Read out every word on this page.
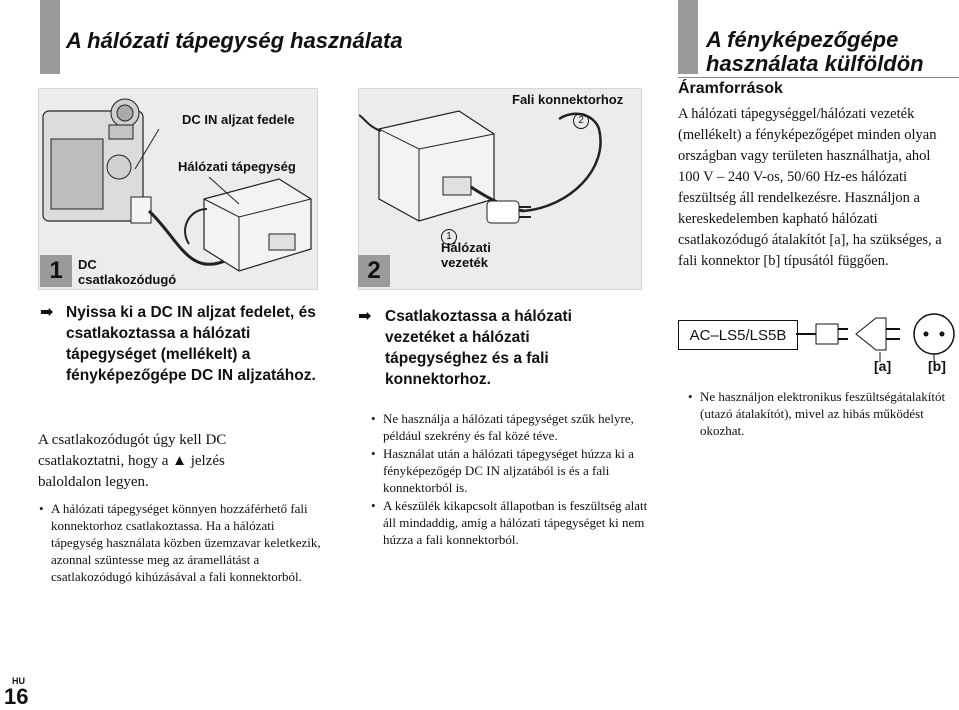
A hálózati tápegység használata
DC IN aljzat fedele
Hálózati tápegység
DC csatlakozódugó
1
➡ Nyissa ki a DC IN aljzat fedelet, és csatlakoztassa a hálózati tápegységet (mellékelt) a fényképezőgépe DC IN aljzatához.
A csatlakozódugót úgy kell DC csatlakoztatni, hogy a ▲ jelzés baloldalon legyen.
• A hálózati tápegységet könnyen hozzáférhető fali konnektorhoz csatlakoztassa. Ha a hálózati tápegység használata közben üzemzavar keletkezik, azonnal szüntesse meg az áramellátást a csatlakozódugó kihúzásával a fali konnektorból.
Fali konnektorhoz
2
1
Hálózati vezeték
2
➡ Csatlakoztassa a hálózati vezetéket a hálózati tápegységhez és a fali konnektorhoz.
• Ne használja a hálózati tápegységet szűk helyre, például szekrény és fal közé téve.
• Használat után a hálózati tápegységet húzza ki a fényképezőgép DC IN aljzatából is és a fali konnektorból is.
• A készülék kikapcsolt állapotban is feszültség alatt áll mindaddig, amíg a hálózati tápegységet ki nem húzza a fali konnektorból.
A fényképezőgépe használata külföldön
Áramforrások
A hálózati tápegységgel/hálózati vezeték (mellékelt) a fényképezőgépet minden olyan országban vagy területen használhatja, ahol 100 V – 240 V-os, 50/60 Hz-es hálózati feszültség áll rendelkezésre. Használjon a kereskedelemben kapható hálózati csatlakozódugó átalakítót [a], ha szükséges, a fali konnektor [b] típusától függően.
AC–LS5/LS5B
[a]	[b]
• Ne használjon elektronikus feszültségátalakítót (utazó átalakítót), mivel az hibás működést okozhat.
HU
16
